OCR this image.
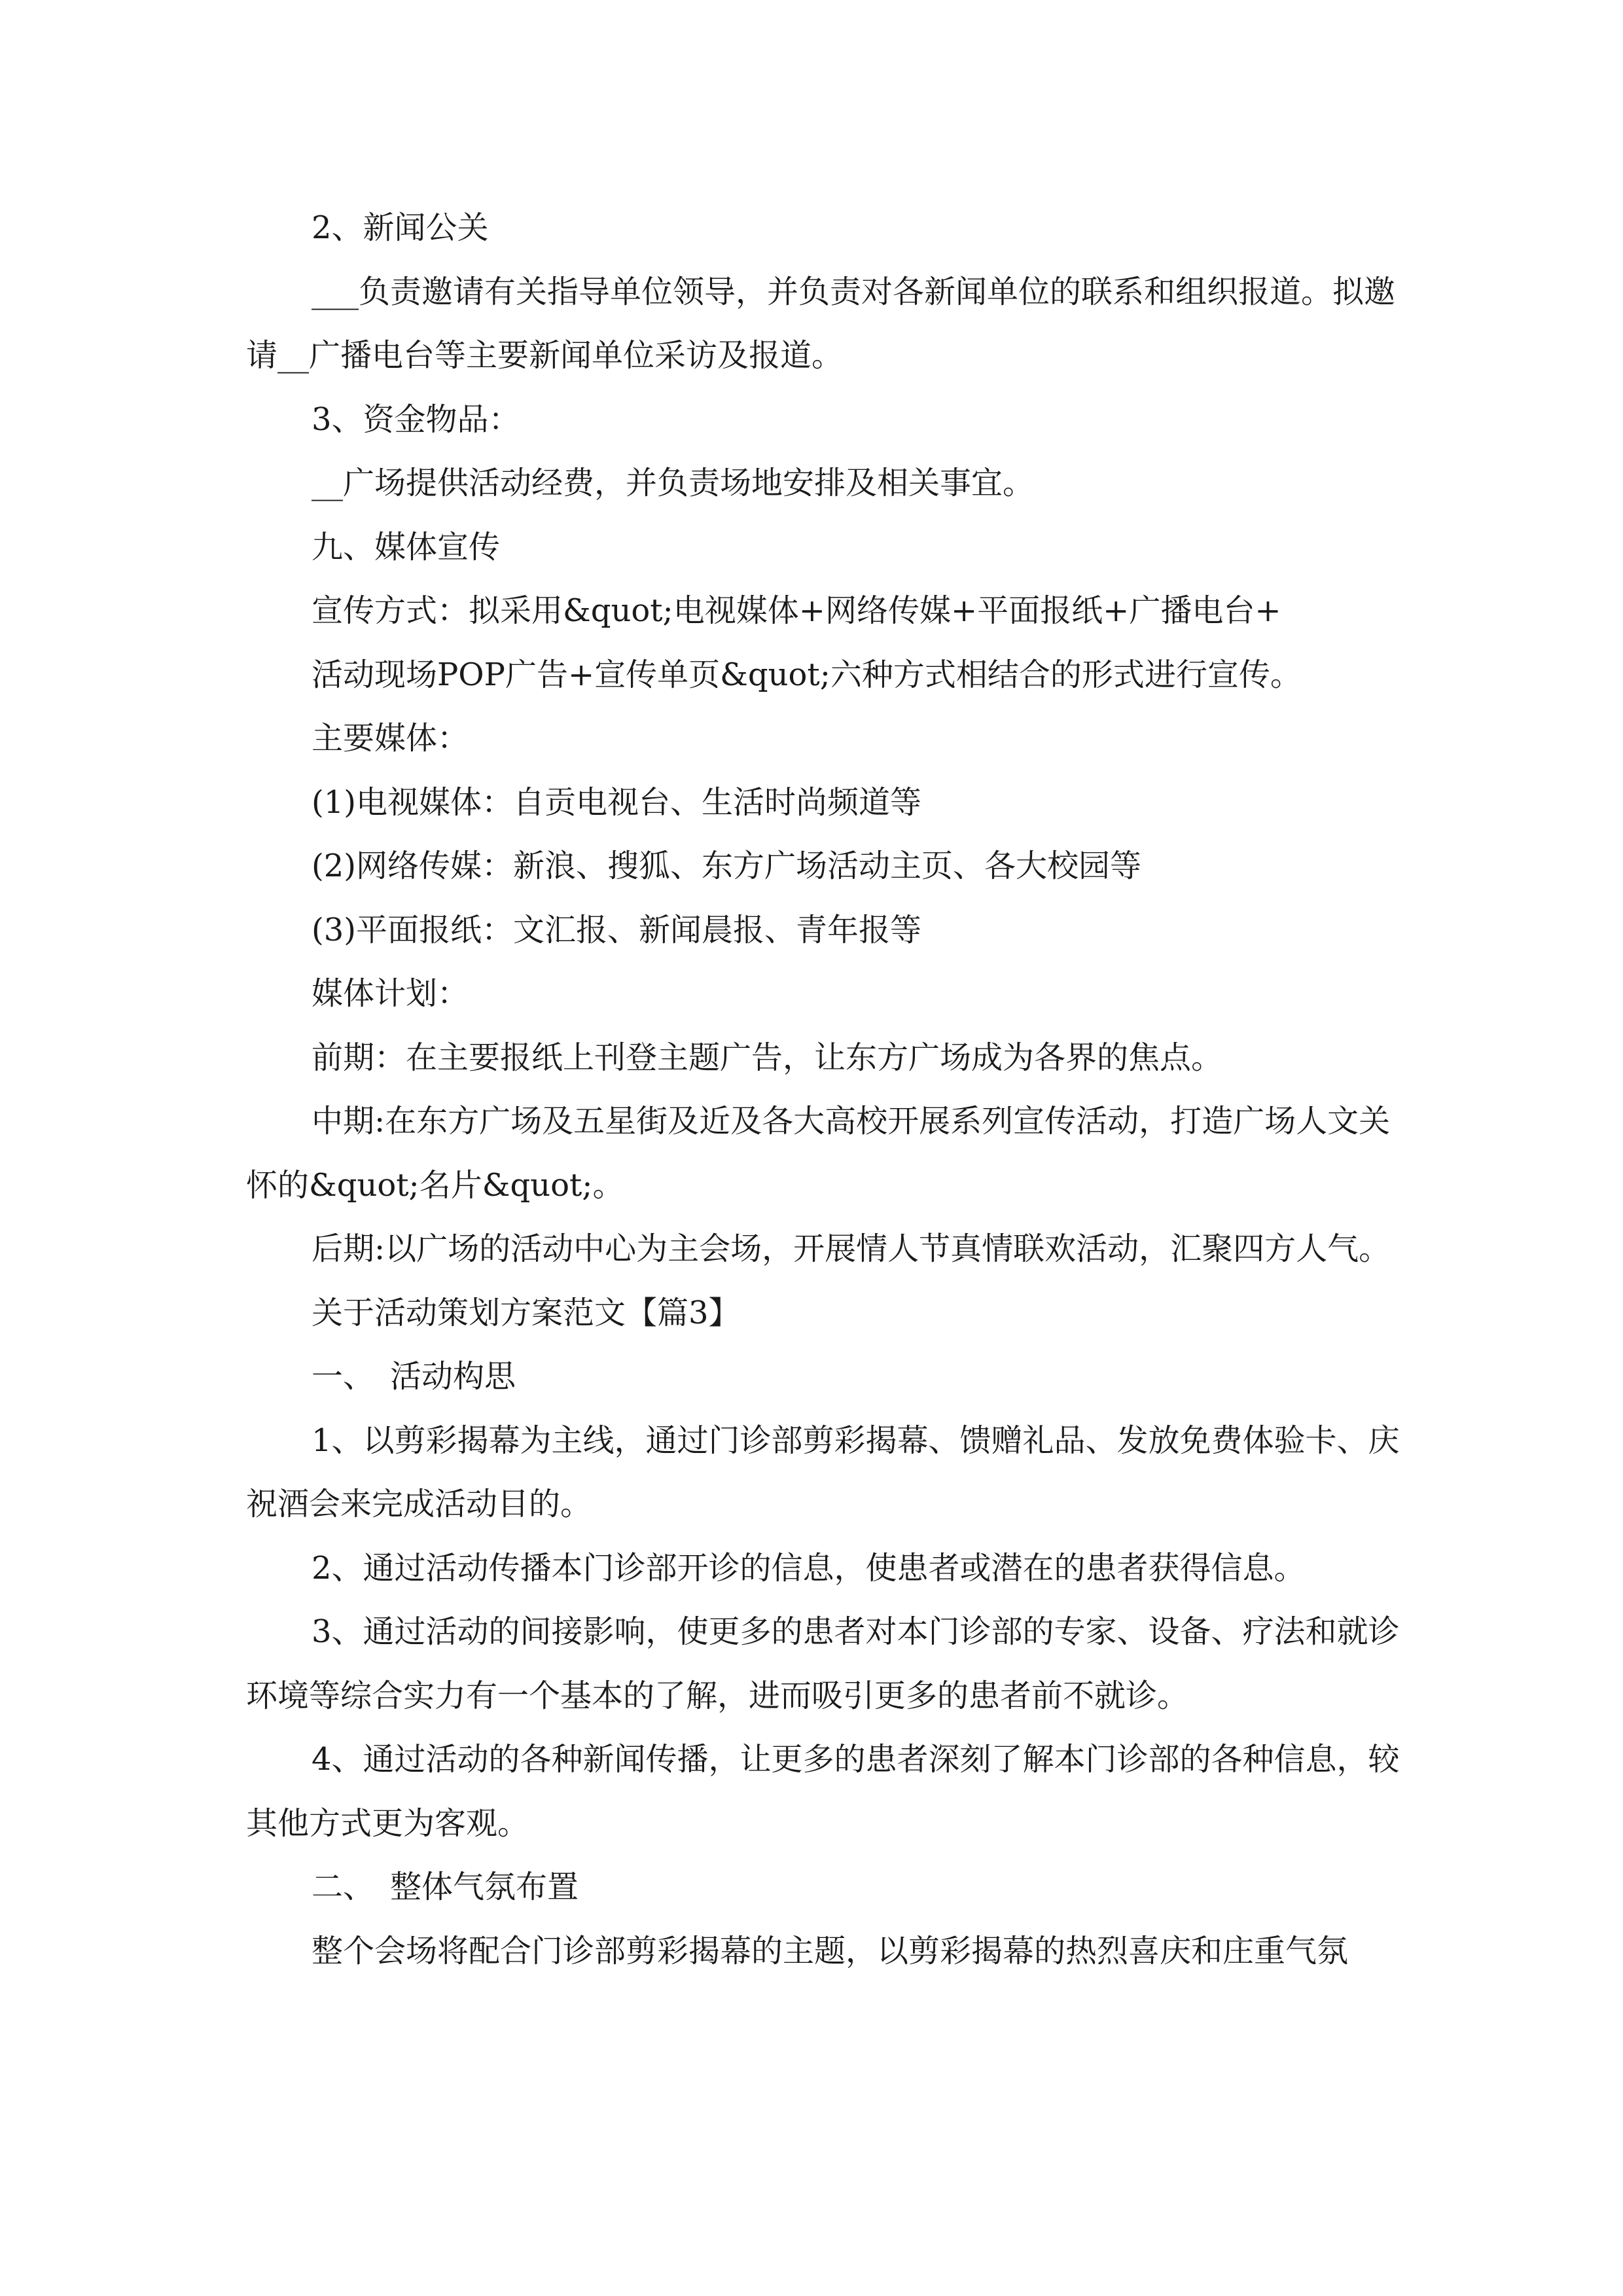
2、新闻公关

___负责邀请有关指导单位领导，并负责对各新闻单位的联系和组织报道。拟邀请__广播电台等主要新闻单位采访及报道。

3、资金物品：

__广场提供活动经费，并负责场地安排及相关事宜。

九、媒体宣传

宣传方式：拟采用&quot;电视媒体+网络传媒+平面报纸+广播电台+

活动现场POP广告+宣传单页&quot;六种方式相结合的形式进行宣传。

主要媒体：

(1)电视媒体：自贡电视台、生活时尚频道等

(2)网络传媒：新浪、搜狐、东方广场活动主页、各大校园等

(3)平面报纸：文汇报、新闻晨报、青年报等

媒体计划：

前期：在主要报纸上刊登主题广告，让东方广场成为各界的焦点。

中期:在东方广场及五星街及近及各大高校开展系列宣传活动，打造广场人文关怀的&quot;名片&quot;。

后期:以广场的活动中心为主会场，开展情人节真情联欢活动，汇聚四方人气。

关于活动策划方案范文【篇3】

一、　活动构思

1、以剪彩揭幕为主线，通过门诊部剪彩揭幕、馈赠礼品、发放免费体验卡、庆祝酒会来完成活动目的。

2、通过活动传播本门诊部开诊的信息，使患者或潜在的患者获得信息。

3、通过活动的间接影响，使更多的患者对本门诊部的专家、设备、疗法和就诊环境等综合实力有一个基本的了解，进而吸引更多的患者前不就诊。

4、通过活动的各种新闻传播，让更多的患者深刻了解本门诊部的各种信息，较其他方式更为客观。

二、　整体气氛布置

整个会场将配合门诊部剪彩揭幕的主题，以剪彩揭幕的热烈喜庆和庄重气氛
